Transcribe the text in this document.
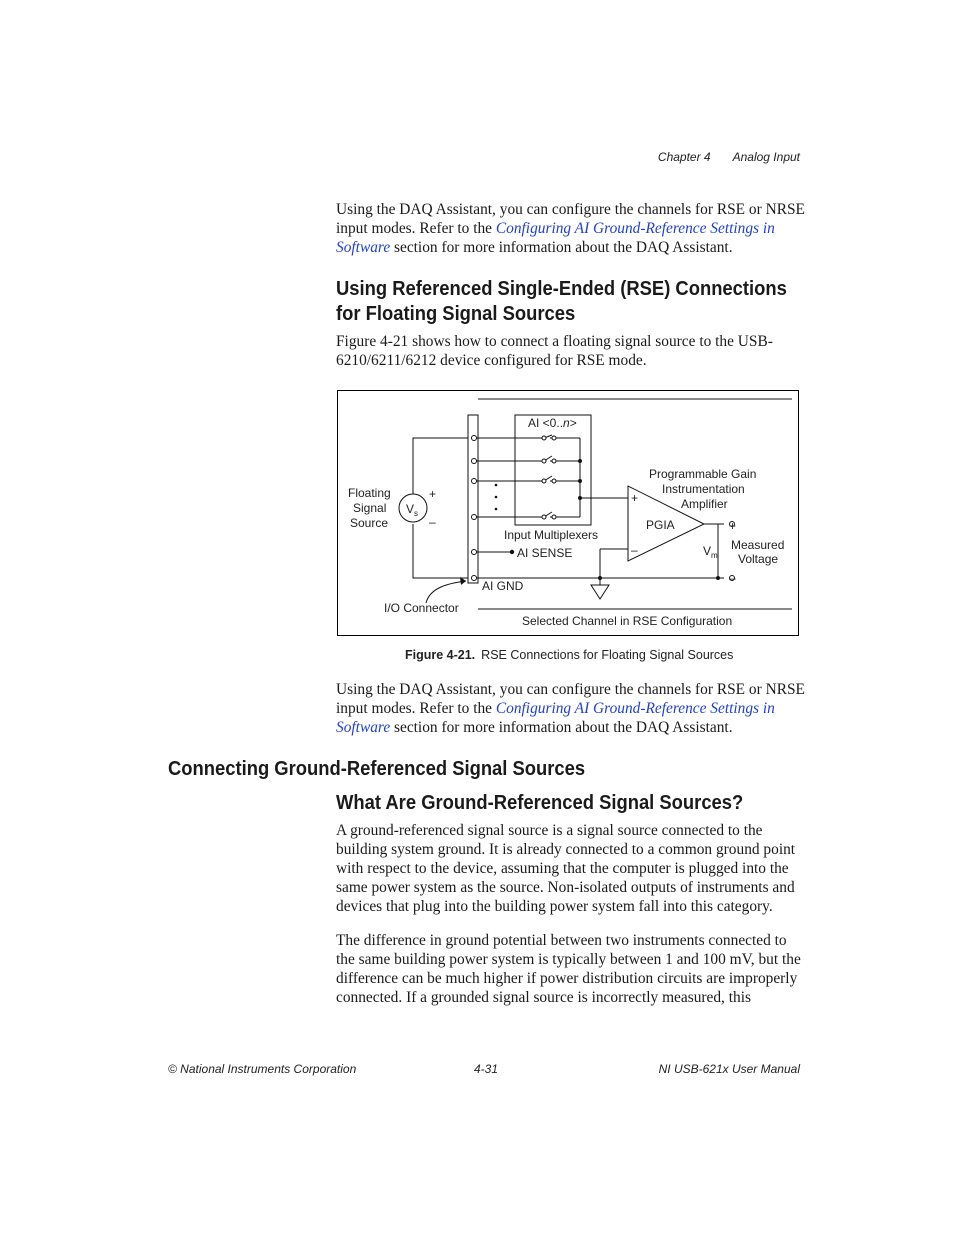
Chapter 4 Analog Input

Using the DAQ Assistant, you can configure the channels for RSE or NRSE input modes. Refer to the Configuring AI Ground-Reference Settings in Software section for more information about the DAQ Assistant.

Using Referenced Single-Ended (RSE) Connections for Floating Signal Sources

Figure 4-21 shows how to connect a floating signal source to the USB-6210/6211/6212 device configured for RSE mode.

AI <0..n>
Floating
Signal
Source
$V_s$
+
–
Programmable Gain
Instrumentation
Amplifier
+
–
PGIA	+
–
Input Multiplexers
AI SENSE	$V_m$
Measured
Voltage
AI GND
I/O Connector
Selected Channel in RSE Configuration
Figure 4-21. RSE Connections for Floating Signal Sources

Using the DAQ Assistant, you can configure the channels for RSE or NRSE input modes. Refer to the Configuring AI Ground-Reference Settings in Software section for more information about the DAQ Assistant.

Connecting Ground-Referenced Signal Sources
What Are Ground-Referenced Signal Sources?

A ground-referenced signal source is a signal source connected to the building system ground. It is already connected to a common ground point with respect to the device, assuming that the computer is plugged into the same power system as the source. Non-isolated outputs of instruments and devices that plug into the building power system fall into this category.

The difference in ground potential between two instruments connected to the same building power system is typically between 1 and 100 mV, but the difference can be much higher if power distribution circuits are improperly connected. If a grounded signal source is incorrectly measured, this

© National Instruments Corporation	4-31	NI USB-621x User Manual
